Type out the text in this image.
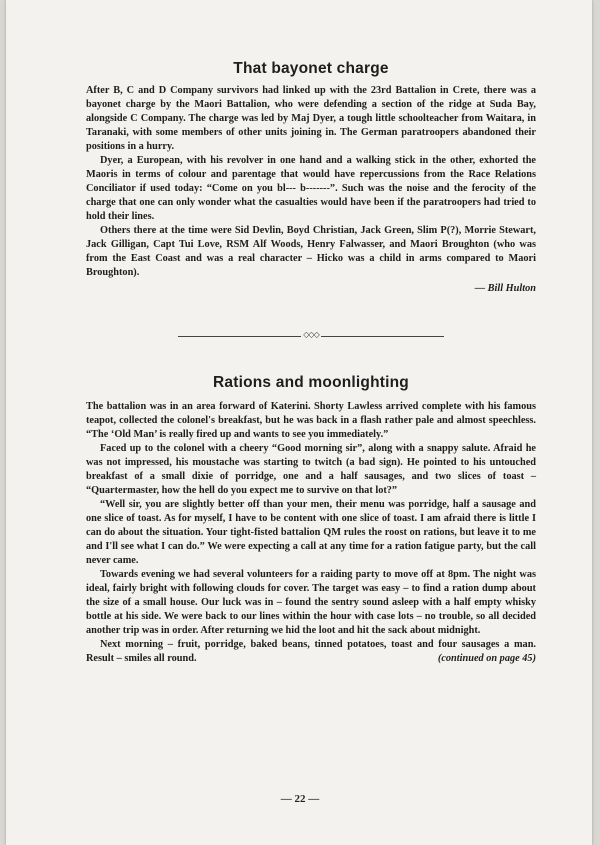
That bayonet charge

After B, C and D Company survivors had linked up with the 23rd Battalion in Crete, there was a bayonet charge by the Maori Battalion, who were defending a section of the ridge at Suda Bay, alongside C Company. The charge was led by Maj Dyer, a tough little schoolteacher from Waitara, in Taranaki, with some members of other units joining in. The German paratroopers abandoned their positions in a hurry.

Dyer, a European, with his revolver in one hand and a walking stick in the other, exhorted the Maoris in terms of colour and parentage that would have repercussions from the Race Relations Conciliator if used today: “Come on you bl--- b-------”. Such was the noise and the ferocity of the charge that one can only wonder what the casualties would have been if the paratroopers had tried to hold their lines.

Others there at the time were Sid Devlin, Boyd Christian, Jack Green, Slim P(?), Morrie Stewart, Jack Gilligan, Capt Tui Love, RSM Alf Woods, Henry Falwasser, and Maori Broughton (who was from the East Coast and was a real character – Hicko was a child in arms compared to Maori Broughton).

— Bill Hulton
◇◇◇
Rations and moonlighting

The battalion was in an area forward of Katerini. Shorty Lawless arrived complete with his famous teapot, collected the colonel's breakfast, but he was back in a flash rather pale and almost speechless. “The ‘Old Man’ is really fired up and wants to see you immediately.”

Faced up to the colonel with a cheery “Good morning sir”, along with a snappy salute. Afraid he was not impressed, his moustache was starting to twitch (a bad sign). He pointed to his untouched breakfast of a small dixie of porridge, one and a half sausages, and two slices of toast – “Quartermaster, how the hell do you expect me to survive on that lot?”

“Well sir, you are slightly better off than your men, their menu was porridge, half a sausage and one slice of toast. As for myself, I have to be content with one slice of toast. I am afraid there is little I can do about the situation. Your tight-fisted battalion QM rules the roost on rations, but leave it to me and I'll see what I can do.” We were expecting a call at any time for a ration fatigue party, but the call never came.

Towards evening we had several volunteers for a raiding party to move off at 8pm. The night was ideal, fairly bright with following clouds for cover. The target was easy – to find a ration dump about the size of a small house. Our luck was in – found the sentry sound asleep with a half empty whisky bottle at his side. We were back to our lines within the hour with case lots – no trouble, so all decided another trip was in order. After returning we hid the loot and hit the sack about midnight.

Next morning – fruit, porridge, baked beans, tinned potatoes, toast and four sausages a man. Result – smiles all round.	(continued on page 45)

— 22 —
